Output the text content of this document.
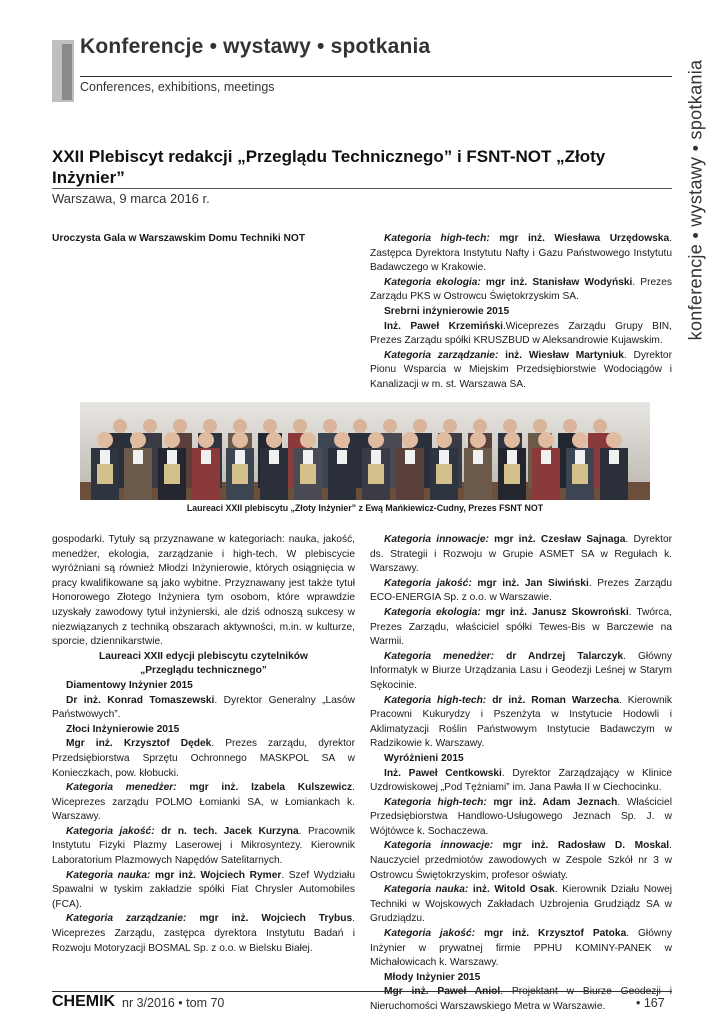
Konferencje • wystawy • spotkania
Conferences, exhibitions, meetings	konferencje • wystawy • spotkania
XXII Plebiscyt redakcji „Przeglądu Technicznego” i FSNT-NOT „Złoty Inżynier”
Warszawa, 9 marca 2016 r.

Uroczysta Gala w Warszawskim Domu Techniki NOT	Kategoria high-tech: mgr inż. Wiesława Urzędowska. Zastępca Dyrektora Instytutu Nafty i Gazu Państwowego Instytutu Badawczego w Krakowie.

Kategoria ekologia: mgr inż. Stanisław Wodyński. Prezes Zarządu PKS w Ostrowcu Świętokrzyskim SA.

Srebrni inżynierowie 2015

Inż. Paweł Krzemiński.Wiceprezes Zarządu Grupy BIN, Prezes Zarządu spółki KRUSZBUD w Aleksandrowie Kujawskim.

Kategoria zarządzanie: inż. Wiesław Martyniuk. Dyrektor Pionu Wsparcia w Miejskim Przedsiębiorstwie Wodociągów i Kanalizacji w m. st. Warszawa SA.

Laureaci XXII plebiscytu „Złoty Inżynier” z Ewą Mańkiewicz-Cudny, Prezes FSNT NOT

gospodarki. Tytuły są przyznawane w kategoriach: nauka, jakość, menedżer, ekologia, zarządzanie i high-tech. W plebiscycie wyróżniani są również Młodzi Inżynierowie, których osiągnięcia w pracy kwalifikowane są jako wybitne. Przyznawany jest także tytuł Honorowego Złotego Inżyniera tym osobom, które wprawdzie uzyskały zawodowy tytuł inżynierski, ale dziś odnoszą sukcesy w niezwiązanych z techniką obszarach aktywności, m.in. w kulturze, sporcie, dziennikarstwie.

Laureaci XXII edycji plebiscytu czytelników

„Przeglądu technicznego”

Diamentowy Inżynier 2015

Dr inż. Konrad Tomaszewski. Dyrektor Generalny „Lasów Państwowych”.

Złoci Inżynierowie 2015

Mgr inż. Krzysztof Dędek. Prezes zarządu, dyrektor Przedsiębiorstwa Sprzętu Ochronnego MASKPOL SA w Konieczkach, pow. kłobucki.

Kategoria menedżer: mgr inż. Izabela Kulszewicz. Wiceprezes zarządu POLMO Łomianki SA, w Łomiankach k. Warszawy.

Kategoria jakość: dr n. tech. Jacek Kurzyna. Pracownik Instytutu Fizyki Plazmy Laserowej i Mikrosyntezy. Kierownik Laboratorium Plazmowych Napędów Satelitarnych.

Kategoria nauka: mgr inż. Wojciech Rymer. Szef Wydziału Spawalni w tyskim zakładzie spółki Fiat Chrysler Automobiles (FCA).

Kategoria zarządzanie: mgr inż. Wojciech Trybus. Wiceprezes Zarządu, zastępca dyrektora Instytutu Badań i Rozwoju Motoryzacji BOSMAL Sp. z o.o. w Bielsku Białej.

Kategoria innowacje: mgr inż. Czesław Sajnaga. Dyrektor ds. Strategii i Rozwoju w Grupie ASMET SA w Regułach k. Warszawy.

Kategoria jakość: mgr inż. Jan Siwiński. Prezes Zarządu ECO-ENERGIA Sp. z o.o. w Warszawie.

Kategoria ekologia: mgr inż. Janusz Skowroński. Twórca, Prezes Zarządu, właściciel spółki Tewes-Bis w Barczewie na Warmii.

Kategoria menedżer: dr Andrzej Talarczyk. Główny Informatyk w Biurze Urządzania Lasu i Geodezji Leśnej w Starym Sękocinie.

Kategoria high-tech: dr inż. Roman Warzecha. Kierownik Pracowni Kukurydzy i Pszenżyta w Instytucie Hodowli i Aklimatyzacji Roślin Państwowym Instytucie Badawczym w Radzikowie k. Warszawy.

Wyróżnieni 2015

Inż. Paweł Centkowski. Dyrektor Zarządzający w Klinice Uzdrowiskowej „Pod Tężniami” im. Jana Pawła II w Ciechocinku.

Kategoria high-tech: mgr inż. Adam Jeznach. Właściciel Przedsiębiorstwa Handlowo-Usługowego Jeznach Sp. J. w Wójtówce k. Sochaczewa.

Kategoria innowacje: mgr inż. Radosław D. Moskal. Nauczyciel przedmiotów zawodowych w Zespole Szkół nr 3 w Ostrowcu Świętokrzyskim, profesor oświaty.

Kategoria nauka: inż. Witold Osak. Kierownik Działu Nowej Techniki w Wojskowych Zakładach Uzbrojenia Grudziądz SA w Grudziądzu.

Kategoria jakość: mgr inż. Krzysztof Patoka. Główny Inżynier w prywatnej firmie PPHU KOMINY-PANEK w Michałowicach k. Warszawy.

Młody Inżynier 2015

Nieruchomości Warszawskiego Metra w Warszawie.

CHEMIK nr 3/2016 • tom 70	• 167
